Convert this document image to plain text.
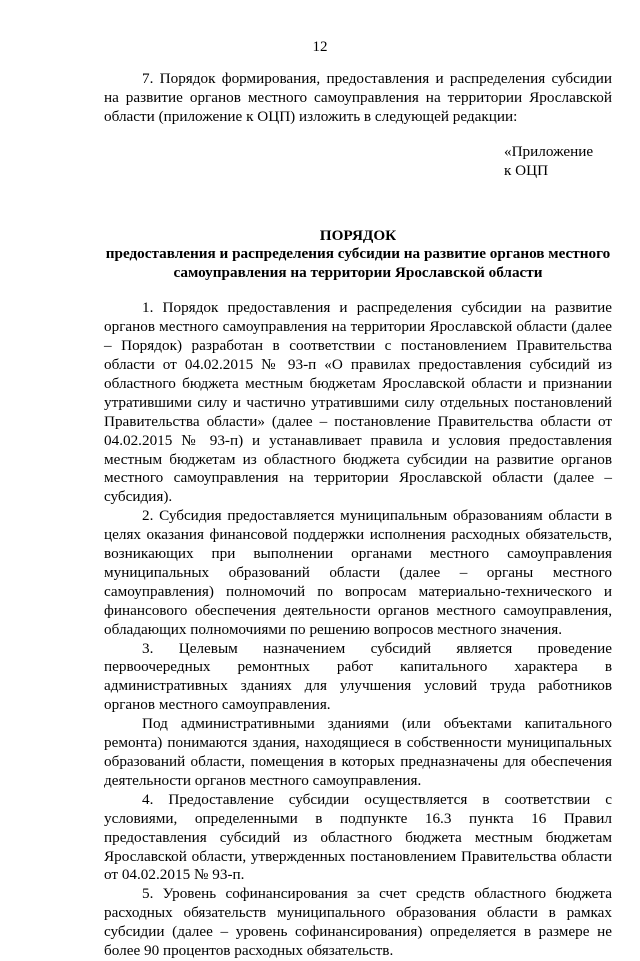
12

7. Порядок формирования, предоставления и распределения субсидии на развитие органов местного самоуправления на территории Ярославской области (приложение к ОЦП) изложить в следующей редакции:

«Приложение
к ОЦП
ПОРЯДОК
предоставления и распределения субсидии на развитие органов местного самоуправления на территории Ярославской области

1. Порядок предоставления и распределения субсидии на развитие органов местного самоуправления на территории Ярославской области (далее – Порядок) разработан в соответствии с постановлением Правительства области от 04.02.2015 № 93-п «О правилах предоставления субсидий из областного бюджета местным бюджетам Ярославской области и признании утратившими силу и частично утратившими силу отдельных постановлений Правительства области» (далее – постановление Правительства области от 04.02.2015 № 93-п) и устанавливает правила и условия предоставления местным бюджетам из областного бюджета субсидии на развитие органов местного самоуправления на территории Ярославской области (далее – субсидия).

2. Субсидия предоставляется муниципальным образованиям области в целях оказания финансовой поддержки исполнения расходных обязательств, возникающих при выполнении органами местного самоуправления муниципальных образований области (далее – органы местного самоуправления) полномочий по вопросам материально-технического и финансового обеспечения деятельности органов местного самоуправления, обладающих полномочиями по решению вопросов местного значения.

3. Целевым назначением субсидий является проведение первоочередных ремонтных работ капитального характера в административных зданиях для улучшения условий труда работников органов местного самоуправления.

Под административными зданиями (или объектами капитального ремонта) понимаются здания, находящиеся в собственности муниципальных образований области, помещения в которых предназначены для обеспечения деятельности органов местного самоуправления.

4. Предоставление субсидии осуществляется в соответствии с условиями, определенными в подпункте 16.3 пункта 16 Правил предоставления субсидий из областного бюджета местным бюджетам Ярославской области, утвержденных постановлением Правительства области от 04.02.2015 № 93-п.

5. Уровень софинансирования за счет средств областного бюджета расходных обязательств муниципального образования области в рамках субсидии (далее – уровень софинансирования) определяется в размере не более 90 процентов расходных обязательств.
